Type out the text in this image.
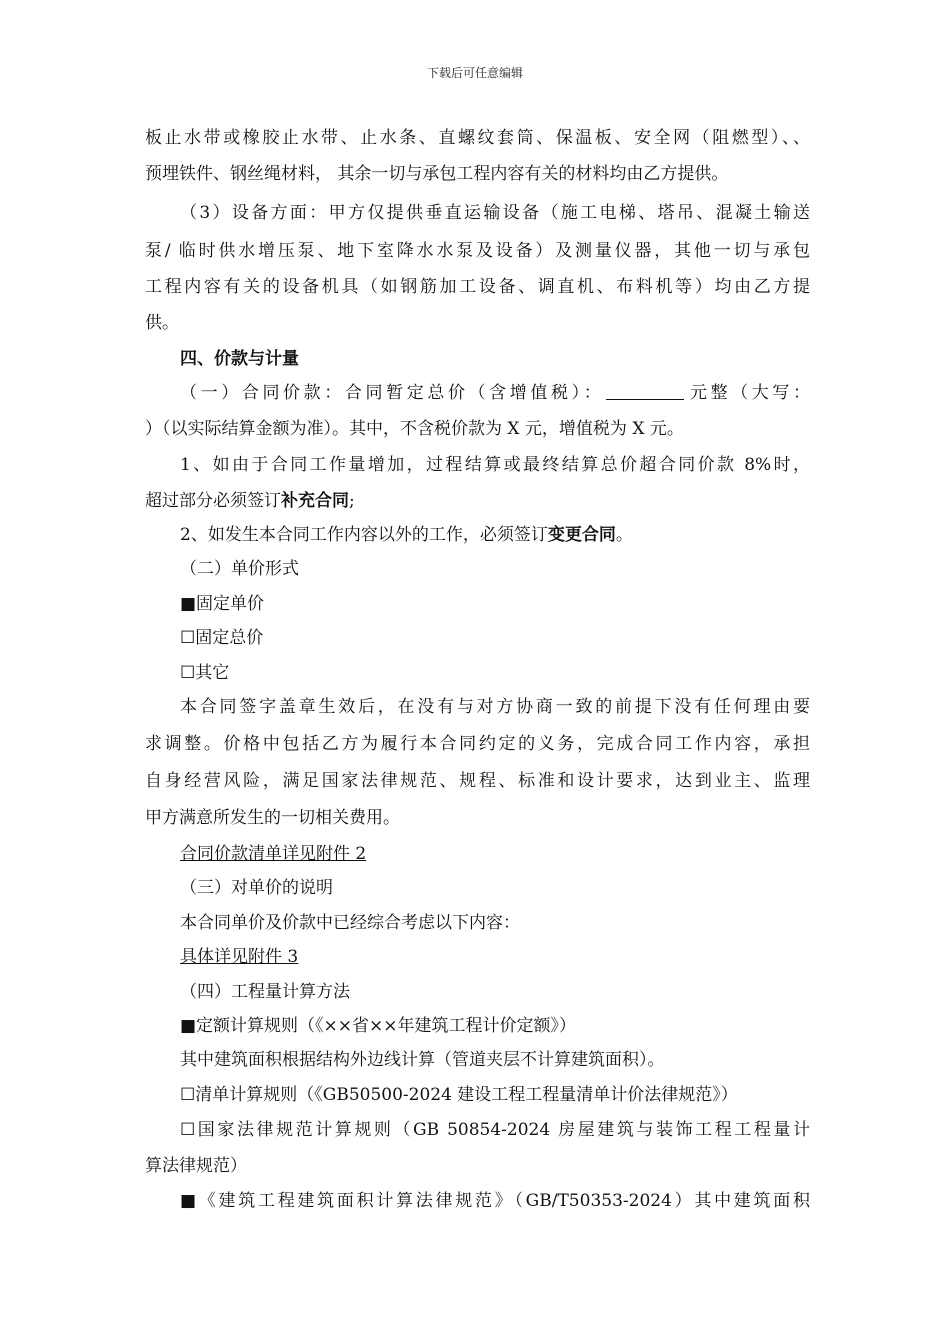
下载后可任意编辑
板止水带或橡胶止水带、止水条、直螺纹套筒、保温板、安全网（阻燃型）、、
预埋铁件、钢丝绳材料， 其余一切与承包工程内容有关的材料均由乙方提供。
（3）设备方面：甲方仅提供垂直运输设备（施工电梯、塔吊、混凝土输送
泵/ 临时供水增压泵、地下室降水水泵及设备）及测量仪器，其他一切与承包
工程内容有关的设备机具（如钢筋加工设备、调直机、布料机等）均由乙方提
供。
四、价款与计量
（一）合同价款：合同暂定总价（含增值税）：	元整（大写：
）（以实际结算金额为准）。其中，不含税价款为 X 元，增值税为 X 元。
1、如由于合同工作量增加，过程结算或最终结算总价超合同价款 8%时，
超过部分必须签订补充合同;
2、如发生本合同工作内容以外的工作，必须签订变更合同。
（二）单价形式
■固定单价
☐固定总价
☐其它
本合同签字盖章生效后，在没有与对方协商一致的前提下没有任何理由要
求调整。价格中包括乙方为履行本合同约定的义务，完成合同工作内容，承担
自身经营风险，满足国家法律规范、规程、标准和设计要求，达到业主、监理
甲方满意所发生的一切相关费用。
合同价款清单详见附件 2
（三）对单价的说明
本合同单价及价款中已经综合考虑以下内容：
具体详见附件 3
（四）工程量计算方法
■定额计算规则（《××省××年建筑工程计价定额》）
其中建筑面积根据结构外边线计算（管道夹层不计算建筑面积）。
☐清单计算规则（《GB50500-2024 建设工程工程量清单计价法律规范》）
☐国家法律规范计算规则（GB 50854-2024 房屋建筑与装饰工程工程量计
算法律规范）
■《建筑工程建筑面积计算法律规范》（GB/T50353-2024）其中建筑面积
